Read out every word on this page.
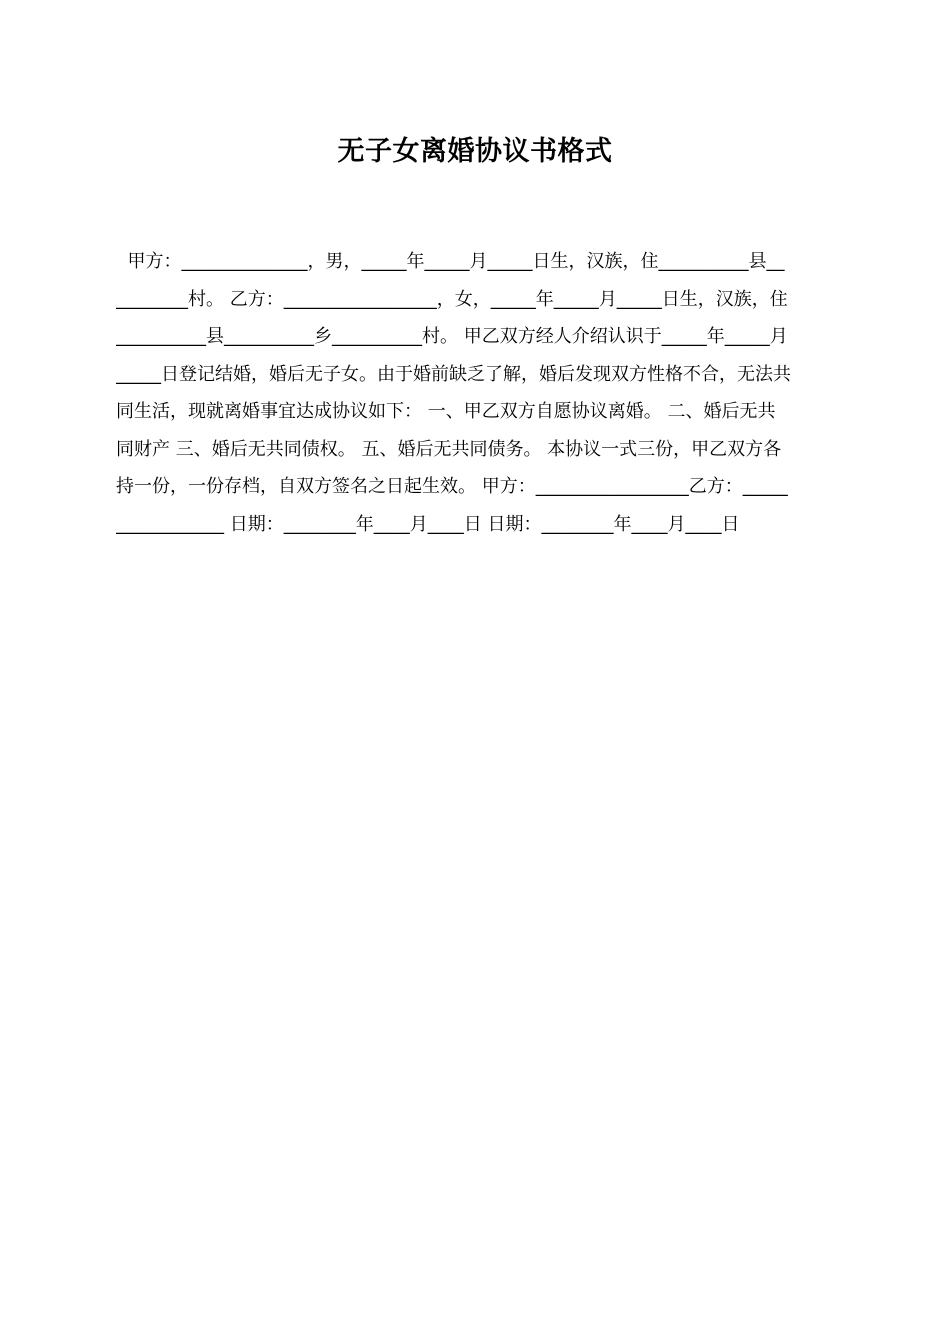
无子女离婚协议书格式
甲方：______________，男，_____年_____月_____日生，汉族，住__________县__
________村。 乙方：_________________，女，_____年_____月_____日生，汉族，住
__________县__________乡__________村。 甲乙双方经人介绍认识于_____年_____月
_____日登记结婚，婚后无子女。由于婚前缺乏了解，婚后发现双方性格不合，无法共
同生活，现就离婚事宜达成协议如下： 一、甲乙双方自愿协议离婚。 二、婚后无共
同财产 三、婚后无共同债权。 五、婚后无共同债务。 本协议一式三份，甲乙双方各
持一份，一份存档，自双方签名之日起生效。 甲方：_________________乙方：_____
____________ 日期：________年____月____日 日期：________年____月____日
